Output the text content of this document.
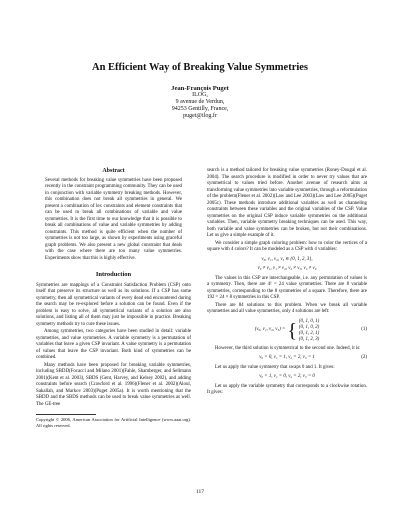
An Efficient Way of Breaking Value Symmetries
Jean-François Puget
ILOG,
9 avenue de Verdun,
94253 Gentilly, France,
puget@ilog.fr
Abstract

Several methods for breaking value symmetries have been proposed recently in the constraint programming community. They can be used in conjunction with variable symmetry breaking methods. However, this combination does not break all symmetries in general. We present a combination of lex constraints and element constraints that can be used to break all combinations of variable and value symmetries. It is the first time to our knowledge that it is possible to break all combinations of value and variable symmetries by adding constraints. This method is quite efficient when the number of symmetries is not too large, as shown by experiments using graceful graph problems. We also present a new global constraint that deals with the case where there are too many value symmetries. Experiments show that this is highly effective.

Introduction

Symmetries are mappings of a Constraint Satisfaction Problem (CSP) onto itself that preserve its structure as well as its solutions. If a CSP has some symmetry, then all symmetrical variants of every dead end encountered during the search may be re-explored before a solution can be found. Even if the problem is easy to solve, all symmetrical variants of a solution are also solutions, and listing all of them may just be impossible in practice. Breaking symmetry methods try to cure these issues.

Among symmetries, two categories have been studied in detail: variable symmetries, and value symmetries. A variable symmetry is a permutation of variables that leave a given CSP invariant. A value symmetry is a permutation of values that leave the CSP invariant. Both kind of symmetries can be combined.

Many methods have been proposed for breaking variable symmetries, including SBDD(Focacci and Milano 2001)(Fahle, Shamberger, and Sellmann 2001)(Kent et al. 2003), SBDS (Gent, Harvey, and Kelsey 2002), and adding constraints before search (Crawford et al. 1996)(Flener et al. 2002)(Aloul, Sakallah, and Markov 2003)(Puget 2005a). It is worth mentioning that the SBDD and the SBDS methods can be used to break value symmetries as well. The GE-tree

Copyright © 2006, American Association for Artificial Intelligence (www.aaai.org). All rights reserved.

search is a method tailored for breaking value symmetries (Roney-Dougal et al. 2004). The search procedure is modified in order to never try values that are symmetrical to values tried before. Another avenue of research aims at transforming value symmetries into variable symmetries, through a reformulation of the problem(Flener et al. 2002)(Law and Lee 2003)(Law and Lee 2005)(Puget 2005c). These methods introduce additional variables as well as channeling constraints between these variables and the original variables of the CSP. Value symmetries on the original CSP induce variable symmetries on the additional variables. Then, variable symmetry breaking techniques can be used. This way, both variable and value symmetries can be broken, but not their combinations. Let us give a simple example of it.

We consider a simple graph coloring problem: how to color the vertices of a square with 4 colors? It can be modeled as a CSP with 4 variables:

v₀, v₁, v₂, v₃ ∈ {0, 1, 2, 3},
v₀ ≠ v₁, v₁ ≠ v₂, v₂ ≠ v₃, v₃ ≠ v₀

The values in this CSP are interchangeable, i.e. any permutation of values is a symmetry. Then, there are 4! = 24 value symmetries. There are 8 variable symmetries, corresponding to the 8 symmetries of a square. Therefore, there are 192 = 24 × 8 symmetries in this CSP.

There are 84 solutions to this problem. When we break all variable symmetries and all value symmetries, only 4 solutions are left:

(v₀, v₁, v₂, v₃) = { (0, 1, 0, 1)
(0, 1, 0, 2)
(0, 1, 2, 1)
(0, 1, 2, 3)
(1)

However, the third solution is symmetrical to the second one. Indeed, it is:

v₀ = 0, v₁ = 1, v₂ = 2, v₃ = 1	(2)

Let us apply the value symmetry that swaps 0 and 1. It gives:

v₀ = 1, v₁ = 0, v₂ = 2, v₃ = 0

Let us apply the variable symmetry that corresponds to a clockwise rotation. It gives:

117
